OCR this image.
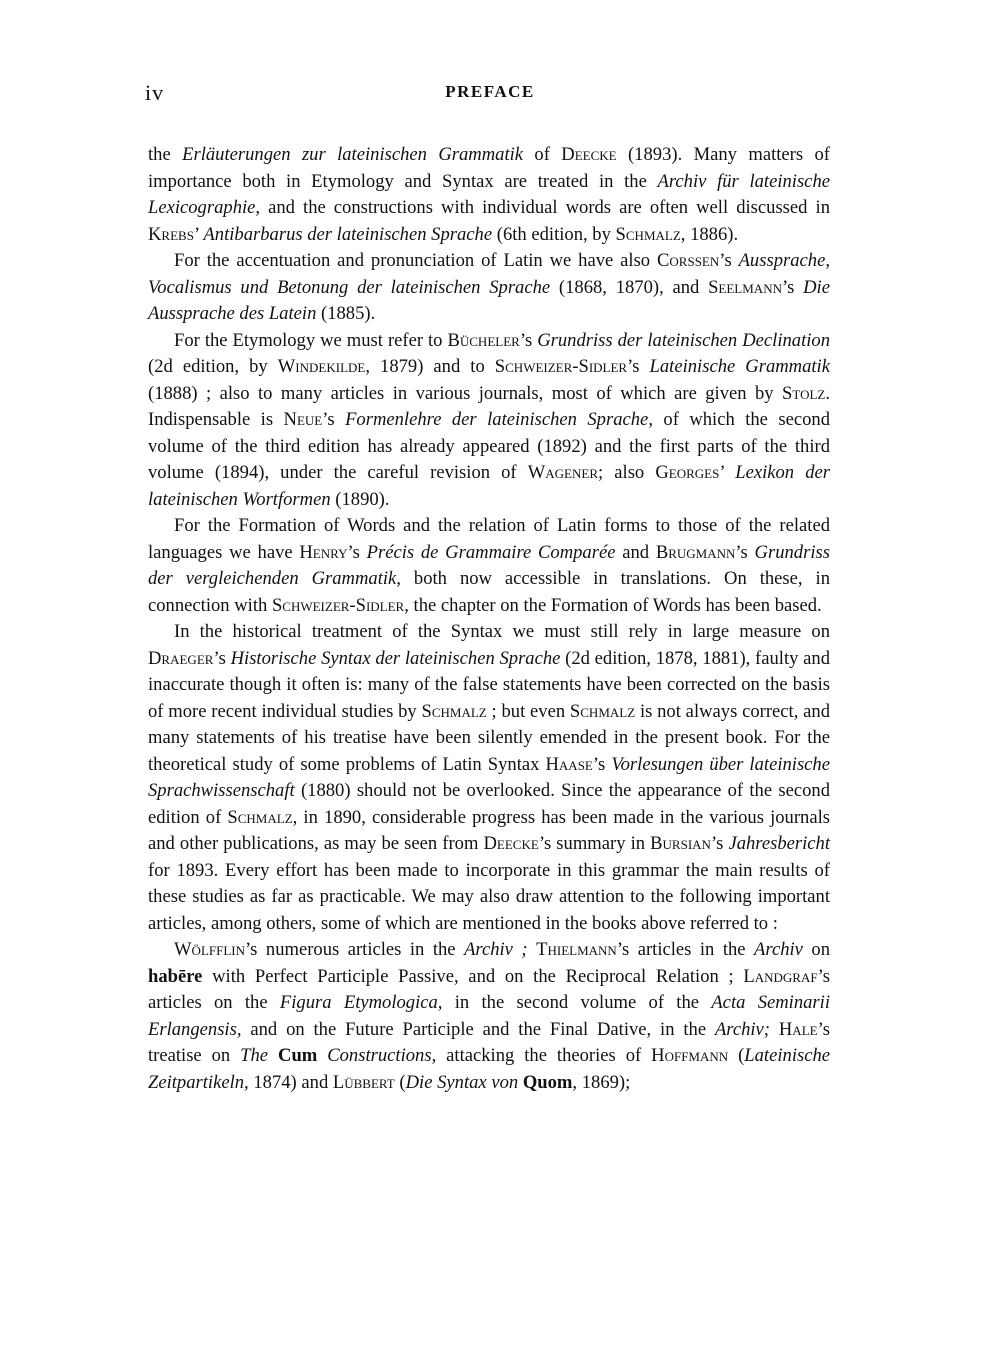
iv	PREFACE

the Erläuterungen zur lateinischen Grammatik of Deecke (1893). Many matters of importance both in Etymology and Syntax are treated in the Archiv für lateinische Lexicographie, and the constructions with individual words are often well discussed in Krebs’ Antibarbarus der lateinischen Sprache (6th edition, by Schmalz, 1886).

For the accentuation and pronunciation of Latin we have also Corssen’s Aussprache, Vocalismus und Betonung der lateinischen Sprache (1868, 1870), and Seelmann’s Die Aussprache des Latein (1885).

For the Etymology we must refer to Bücheler’s Grundriss der lateinischen Declination (2d edition, by Windekilde, 1879) and to Schweizer-Sidler’s Lateinische Grammatik (1888) ; also to many articles in various journals, most of which are given by Stolz. Indispensable is Neue’s Formenlehre der lateinischen Sprache, of which the second volume of the third edition has already appeared (1892) and the first parts of the third volume (1894), under the careful revision of Wagener; also Georges’ Lexikon der lateinischen Wortformen (1890).

For the Formation of Words and the relation of Latin forms to those of the related languages we have Henry’s Précis de Grammaire Comparée and Brugmann’s Grundriss der vergleichenden Grammatik, both now accessible in translations. On these, in connection with Schweizer-Sidler, the chapter on the Formation of Words has been based.

In the historical treatment of the Syntax we must still rely in large measure on Draeger’s Historische Syntax der lateinischen Sprache (2d edition, 1878, 1881), faulty and inaccurate though it often is: many of the false statements have been corrected on the basis of more recent individual studies by Schmalz ; but even Schmalz is not always correct, and many statements of his treatise have been silently emended in the present book. For the theoretical study of some problems of Latin Syntax Haase’s Vorlesungen über lateinische Sprachwissenschaft (1880) should not be overlooked. Since the appearance of the second edition of Schmalz, in 1890, considerable progress has been made in the various journals and other publications, as may be seen from Deecke’s summary in Bursian’s Jahresbericht for 1893. Every effort has been made to incorporate in this grammar the main results of these studies as far as practicable. We may also draw attention to the following important articles, among others, some of which are mentioned in the books above referred to :

Wölfflin’s numerous articles in the Archiv ; Thielmann’s articles in the Archiv on habēre with Perfect Participle Passive, and on the Reciprocal Relation ; Landgraf’s articles on the Figura Etymologica, in the second volume of the Acta Seminarii Erlangensis, and on the Future Participle and the Final Dative, in the Archiv; Hale’s treatise on The Cum Constructions, attacking the theories of Hoffmann (Lateinische Zeitpartikeln, 1874) and Lübbert (Die Syntax von Quom, 1869);
